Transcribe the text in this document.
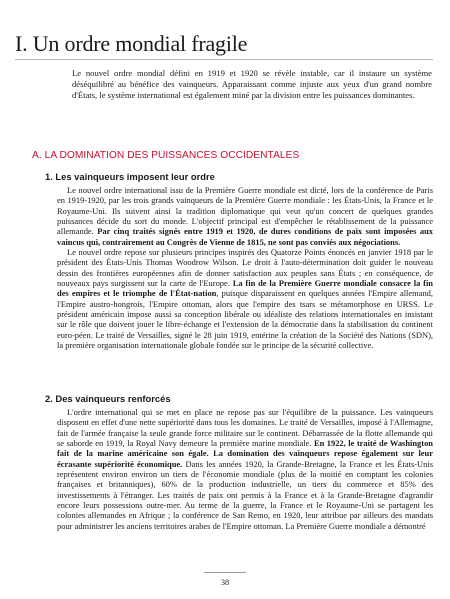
I. Un ordre mondial fragile

Le nouvel ordre mondial défini en 1919 et 1920 se révèle instable, car il instaure un système déséquilibré au bénéfice des vainqueurs. Apparaissant comme injuste aux yeux d'un grand nombre d'États, le système international est également miné par la division entre les puissances dominantes.

A. LA DOMINATION DES PUISSANCES OCCIDENTALES
1. Les vainqueurs imposent leur ordre

Le nouvel ordre international issu de la Première Guerre mondiale est dicté, lors de la conférence de Paris en 1919-1920, par les trois grands vainqueurs de la Première Guerre mondiale : les États-Unis, la France et le Royaume-Uni. Ils suivent ainsi la tradition diplomatique qui veut qu'un concert de quelques grandes puissances décide du sort du monde. L'objectif principal est d'empêcher le rétablissement de la puissance allemande. Par cinq traités signés entre 1919 et 1920, de dures conditions de paix sont imposées aux vaincus qui, contrairement au Congrès de Vienne de 1815, ne sont pas conviés aux négociations.

Le nouvel ordre repose sur plusieurs principes inspirés des Quatorze Points énoncés en janvier 1918 par le président des États-Unis Thomas Woodrow Wilson. Le droit à l'auto-détermination doit guider le nouveau dessin des frontières européennes afin de donner satisfaction aux peuples sans États ; en conséquence, de nouveaux pays surgissent sur la carte de l'Europe. La fin de la Première Guerre mondiale consacre la fin des empires et le triomphe de l'État-nation, puisque disparaissent en quelques années l'Empire allemand, l'Empire austro-hongrois, l'Empire ottoman, alors que l'empire des tsars se métamorphose en URSS. Le président américain impose aussi sa conception libérale ou idéaliste des relations internationales en insistant sur le rôle que doivent jouer le libre-échange et l'extension de la démocratie dans la stabilisation du continent euro-péen. Le traité de Versailles, signé le 28 juin 1919, entérine la création de la Société des Nations (SDN), la première organisation internationale globale fondée sur le principe de la sécurité collective.

2. Des vainqueurs renforcés

L'ordre international qui se met en place ne repose pas sur l'équilibre de la puissance. Les vainqueurs disposent en effet d'une nette supériorité dans tous les domaines. Le traité de Versailles, imposé à l'Allemagne, fait de l'armée française la seule grande force militaire sur le continent. Débarrassée de la flotte allemande qui se saborde en 1919, la Royal Navy demeure la première marine mondiale. En 1922, le traité de Washington fait de la marine américaine son égale. La domination des vainqueurs repose également sur leur écrasante supériorité économique. Dans les années 1920, la Grande-Bretagne, la France et les États-Unis représentent environ environ un tiers de l'économie mondiale (plus de la moitié en comptant les colonies françaises et britanniques), 60% de la production industrielle, un tiers du commerce et 85% des investissements à l'étranger. Les traités de paix ont permis à la France et à la Grande-Bretagne d'agrandir encore leurs possessions outre-mer. Au terme de la guerre, la France et le Royaume-Uni se partagent les colonies allemandes en Afrique ; la conférence de San Remo, en 1920, leur attribue par ailleurs des mandats pour administrer les anciens territoires arabes de l'Empire ottoman. La Première Guerre mondiale a démontré

38
